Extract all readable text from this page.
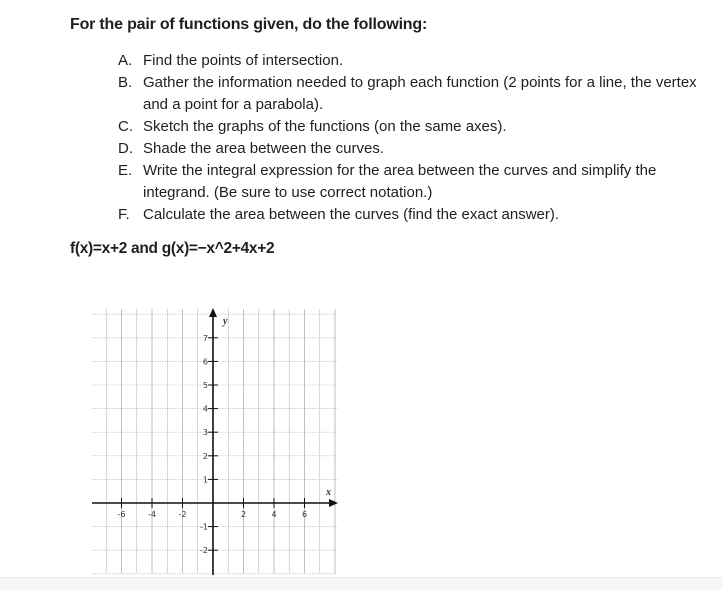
For the pair of functions given, do the following:
A. Find the points of intersection.
B. Gather the information needed to graph each function (2 points for a line, the vertex and a point for a parabola).
C. Sketch the graphs of the functions (on the same axes).
D. Shade the area between the curves.
E. Write the integral expression for the area between the curves and simplify the integrand. (Be sure to use correct notation.)
F. Calculate the area between the curves (find the exact answer).

f(x)=x+2 and g(x)=−x^2+4x+2

y
x
-6	-4	-2	2	4	6
7
6
5
4
3
2
1
-1
-2
